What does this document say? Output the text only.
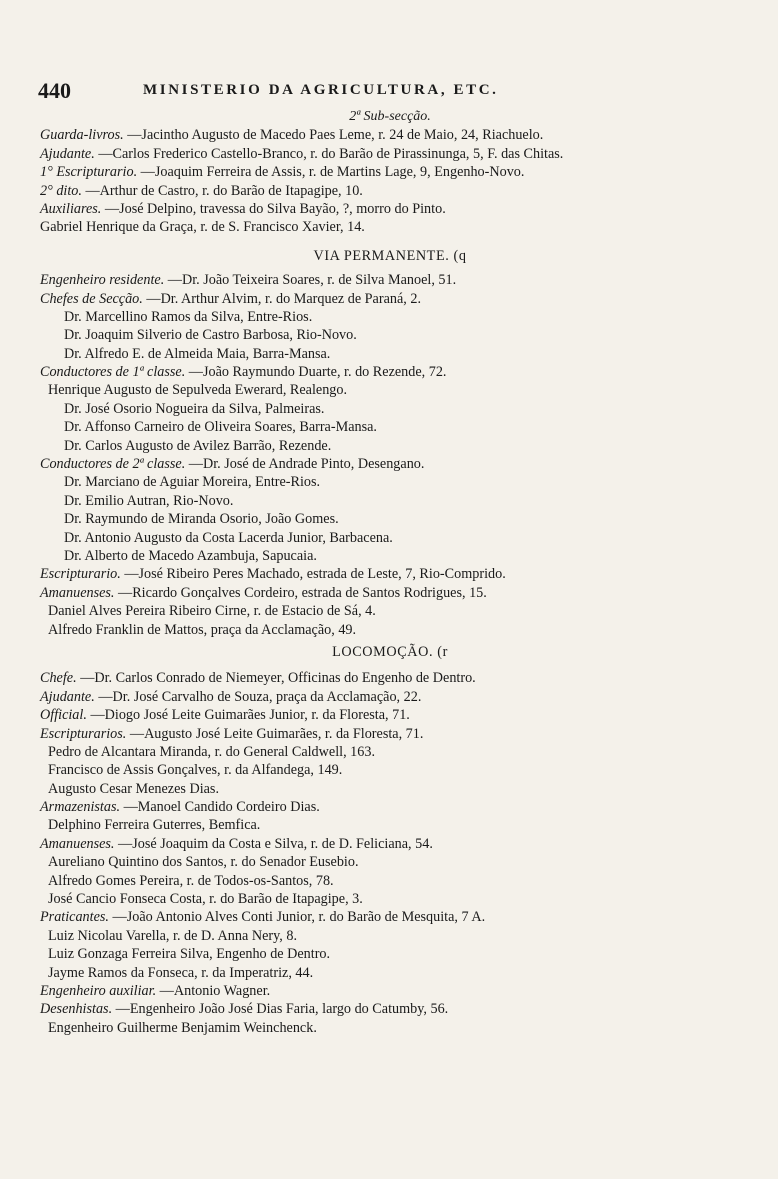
440	MINISTERIO DA AGRICULTURA, ETC.
2ª Sub-secção.
Guarda-livros. —Jacintho Augusto de Macedo Paes Leme, r. 24 de Maio, 24, Riachuelo.
Ajudante. —Carlos Frederico Castello-Branco, r. do Barão de Pirassinunga, 5, F. das Chitas.
1° Escripturario. —Joaquim Ferreira de Assis, r. de Martins Lage, 9, Engenho-Novo.
2° dito. —Arthur de Castro, r. do Barão de Itapagipe, 10.
Auxiliares. —José Delpino, travessa do Silva Bayão, ?, morro do Pinto.
Gabriel Henrique da Graça, r. de S. Francisco Xavier, 14.
VIA PERMANENTE. (q
Engenheiro residente. —Dr. João Teixeira Soares, r. de Silva Manoel, 51.
Chefes de Secção. —Dr. Arthur Alvim, r. do Marquez de Paraná, 2.
Dr. Marcellino Ramos da Silva, Entre-Rios.
Dr. Joaquim Silverio de Castro Barbosa, Rio-Novo.
Dr. Alfredo E. de Almeida Maia, Barra-Mansa.
Conductores de 1ª classe. —João Raymundo Duarte, r. do Rezende, 72.
Henrique Augusto de Sepulveda Ewerard, Realengo.
Dr. José Osorio Nogueira da Silva, Palmeiras.
Dr. Affonso Carneiro de Oliveira Soares, Barra-Mansa.
Dr. Carlos Augusto de Avilez Barrão, Rezende.
Conductores de 2ª classe. —Dr. José de Andrade Pinto, Desengano.
Dr. Marciano de Aguiar Moreira, Entre-Rios.
Dr. Emilio Autran, Rio-Novo.
Dr. Raymundo de Miranda Osorio, João Gomes.
Dr. Antonio Augusto da Costa Lacerda Junior, Barbacena.
Dr. Alberto de Macedo Azambuja, Sapucaia.
Escripturario. —José Ribeiro Peres Machado, estrada de Leste, 7, Rio-Comprido.
Amanuenses. —Ricardo Gonçalves Cordeiro, estrada de Santos Rodrigues, 15.
Daniel Alves Pereira Ribeiro Cirne, r. de Estacio de Sá, 4.
Alfredo Franklin de Mattos, praça da Acclamação, 49.
LOCOMOÇÃO. (r
Chefe. —Dr. Carlos Conrado de Niemeyer, Officinas do Engenho de Dentro.
Ajudante. —Dr. José Carvalho de Souza, praça da Acclamação, 22.
Official. —Diogo José Leite Guimarães Junior, r. da Floresta, 71.
Escripturarios. —Augusto José Leite Guimarães, r. da Floresta, 71.
Pedro de Alcantara Miranda, r. do General Caldwell, 163.
Francisco de Assis Gonçalves, r. da Alfandega, 149.
Augusto Cesar Menezes Dias.
Armazenistas. —Manoel Candido Cordeiro Dias.
Delphino Ferreira Guterres, Bemfica.
Amanuenses. —José Joaquim da Costa e Silva, r. de D. Feliciana, 54.
Aureliano Quintino dos Santos, r. do Senador Eusebio.
Alfredo Gomes Pereira, r. de Todos-os-Santos, 78.
José Cancio Fonseca Costa, r. do Barão de Itapagipe, 3.
Praticantes. —João Antonio Alves Conti Junior, r. do Barão de Mesquita, 7 A.
Luiz Nicolau Varella, r. de D. Anna Nery, 8.
Luiz Gonzaga Ferreira Silva, Engenho de Dentro.
Jayme Ramos da Fonseca, r. da Imperatriz, 44.
Engenheiro auxiliar. —Antonio Wagner.
Desenhistas. —Engenheiro João José Dias Faria, largo do Catumby, 56.
Engenheiro Guilherme Benjamim Weinchenck.
